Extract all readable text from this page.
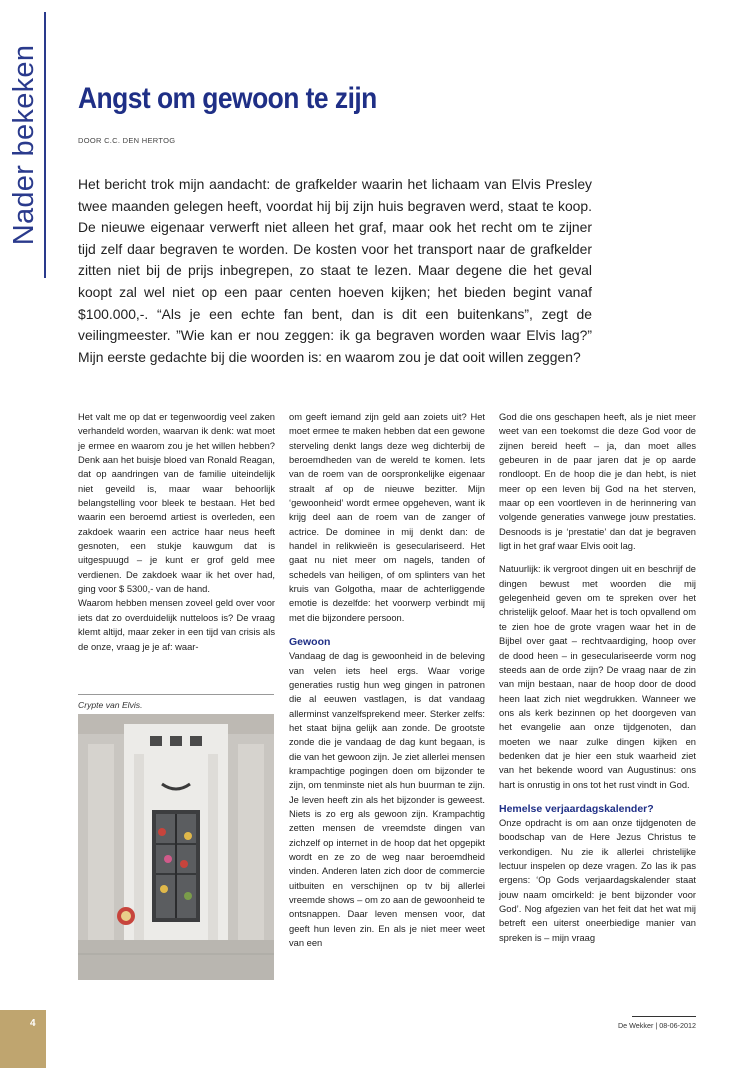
Nader bekeken Angst om gewoon te zijn
DOOR C.C. DEN HERTOG

Het bericht trok mijn aandacht: de grafkelder waarin het lichaam van Elvis Presley twee maanden gelegen heeft, voordat hij bij zijn huis begraven werd, staat te koop. De nieuwe eigenaar verwerft niet alleen het graf, maar ook het recht om te zijner tijd zelf daar begraven te worden. De kosten voor het transport naar de grafkelder zitten niet bij de prijs inbegrepen, zo staat te lezen. Maar degene die het geval koopt zal wel niet op een paar centen hoeven kijken; het bieden begint vanaf $100.000,-. “Als je een echte fan bent, dan is dit een buitenkans”, zegt de veilingmeester. ”Wie kan er nou zeggen: ik ga begraven worden waar Elvis lag?” Mijn eerste gedachte bij die woorden is: en waarom zou je dat ooit willen zeggen?

Het valt me op dat er tegenwoordig veel zaken verhandeld worden, waarvan ik denk: wat moet je ermee en waarom zou je het willen hebben? Denk aan het buisje bloed van Ronald Reagan, dat op aandringen van de familie uiteindelijk niet geveild is, maar waar behoorlijk belangstelling voor bleek te bestaan. Het bed waarin een beroemd artiest is overleden, een zakdoek waarin een actrice haar neus heeft gesnoten, een stukje kauwgum dat is uitgespuugd – je kunt er grof geld mee verdienen. De zakdoek waar ik het over had, ging voor $ 5300,- van de hand.

Waarom hebben mensen zoveel geld over voor iets dat zo overduidelijk nutteloos is? De vraag klemt altijd, maar zeker in een tijd van crisis als de onze, vraag je je af: waar-

Crypte van Elvis.

om geeft iemand zijn geld aan zoiets uit? Het moet ermee te maken hebben dat een gewone sterveling denkt langs deze weg dichterbij de beroemdheden van de wereld te komen. Iets van de roem van de oorspronkelijke eigenaar straalt af op de nieuwe bezitter. Mijn ‘gewoonheid’ wordt ermee opgeheven, want ik krijg deel aan de roem van de zanger of actrice. De dominee in mij denkt dan: de handel in relikwieën is geseculariseerd. Het gaat nu niet meer om nagels, tanden of schedels van heiligen, of om splinters van het kruis van Golgotha, maar de achterliggende emotie is dezelfde: het voorwerp verbindt mij met die bijzondere persoon.

Gewoon

Vandaag de dag is gewoonheid in de beleving van velen iets heel ergs. Waar vorige generaties rustig hun weg gingen in patronen die al eeuwen vastlagen, is dat vandaag allerminst vanzelfsprekend meer. Sterker zelfs: het staat bijna gelijk aan zonde. De grootste zonde die je vandaag de dag kunt begaan, is die van het gewoon zijn. Je ziet allerlei mensen krampachtige pogingen doen om bijzonder te zijn, om tenminste niet als hun buurman te zijn. Je leven heeft zin als het bijzonder is geweest. Niets is zo erg als gewoon zijn. Krampachtig zetten mensen de vreemdste dingen van zichzelf op internet in de hoop dat het opgepikt wordt en ze zo de weg naar beroemdheid vinden. Anderen laten zich door de commercie uitbuiten en verschijnen op tv bij allerlei vreemde shows – om zo aan de gewoonheid te ontsnappen. Daar leven mensen voor, dat geeft hun leven zin. En als je niet meer weet van een

God die ons geschapen heeft, als je niet meer weet van een toekomst die deze God voor de zijnen bereid heeft – ja, dan moet alles gebeuren in de paar jaren dat je op aarde rondloopt. En de hoop die je dan hebt, is niet meer op een leven bij God na het sterven, maar op een voortleven in de herinnering van volgende generaties vanwege jouw prestaties. Desnoods is je ‘prestatie’ dan dat je begraven ligt in het graf waar Elvis ooit lag.

Natuurlijk: ik vergroot dingen uit en beschrijf de dingen bewust met woorden die mij gelegenheid geven om te spreken over het christelijk geloof. Maar het is toch opvallend om te zien hoe de grote vragen waar het in de Bijbel over gaat – rechtvaardiging, hoop over de dood heen – in geseculariseerde vorm nog steeds aan de orde zijn? De vraag naar de zin van mijn bestaan, naar de hoop door de dood heen laat zich niet wegdrukken. Wanneer we ons als kerk bezinnen op het doorgeven van het evangelie aan onze tijdgenoten, dan moeten we naar zulke dingen kijken en bedenken dat je hier een stuk waarheid ziet van het bekende woord van Augustinus: ons hart is onrustig in ons tot het rust vindt in God.

Hemelse verjaardagskalender?

Onze opdracht is om aan onze tijdgenoten de boodschap van de Here Jezus Christus te verkondigen. Nu zie ik allerlei christelijke lectuur inspelen op deze vragen. Zo las ik pas ergens: ‘Op Gods verjaardagskalender staat jouw naam omcirkeld: je bent bijzonder voor God’. Nog afgezien van het feit dat het wat mij betreft een uiterst oneerbiedige manier van spreken is – mijn vraag

4	De Wekker | 08-06-2012
